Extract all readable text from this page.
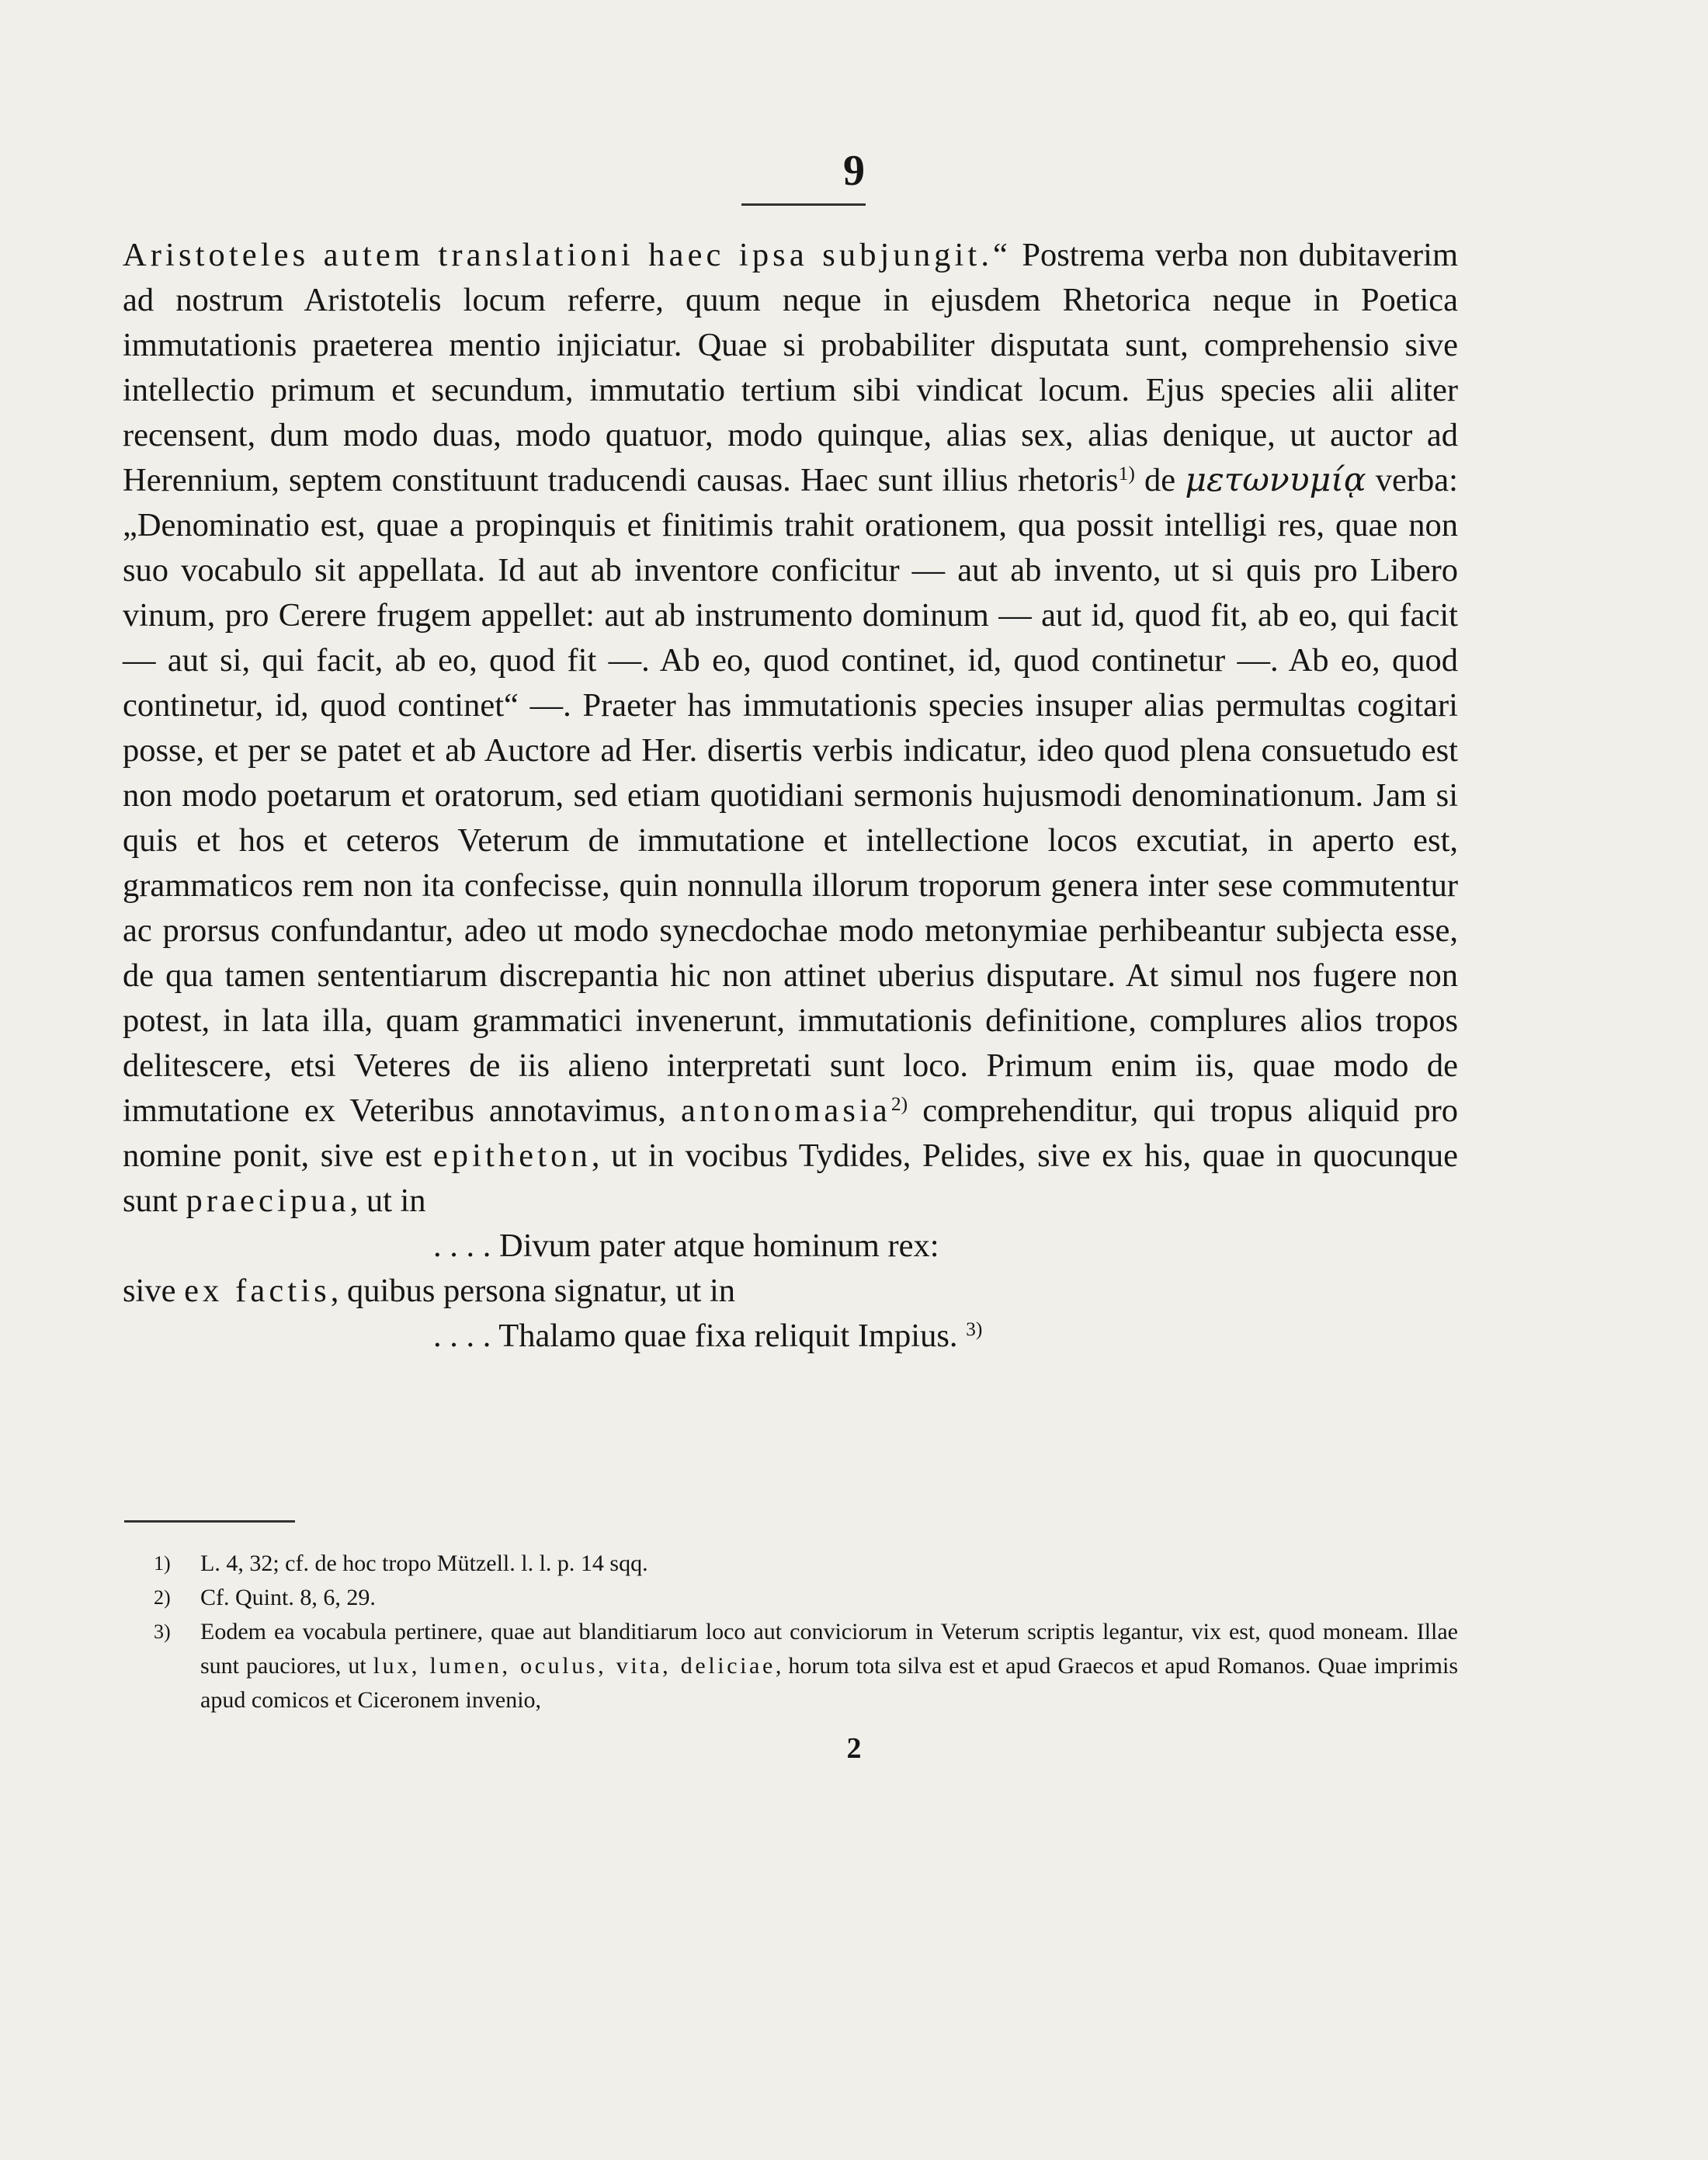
9

Aristoteles autem translationi haec ipsa subjungit.“ Postrema verba non dubitaverim ad nostrum Aristotelis locum referre, quum neque in ejusdem Rhetorica neque in Poetica immutationis praeterea mentio injiciatur. Quae si probabiliter disputata sunt, comprehensio sive intellectio primum et secundum, immutatio tertium sibi vindicat locum. Ejus species alii aliter recensent, dum modo duas, modo quatuor, modo quinque, alias sex, alias denique, ut auctor ad Herennium, septem constituunt traducendi causas. Haec sunt illius rhetoris$^{1)}$ de μετωνυμίᾳ verba: „Denominatio est, quae a propinquis et finitimis trahit orationem, qua possit intelligi res, quae non suo vocabulo sit appellata. Id aut ab inventore conficitur — aut ab invento, ut si quis pro Libero vinum, pro Cerere frugem appellet: aut ab instrumento dominum — aut id, quod fit, ab eo, qui facit — aut si, qui facit, ab eo, quod fit —. Ab eo, quod continet, id, quod continetur —. Ab eo, quod continetur, id, quod continet“ —. Praeter has immutationis species insuper alias permultas cogitari posse, et per se patet et ab Auctore ad Her. disertis verbis indicatur, ideo quod plena consuetudo est non modo poetarum et oratorum, sed etiam quotidiani sermonis hujusmodi denominationum. Jam si quis et hos et ceteros Veterum de immutatione et intellectione locos excutiat, in aperto est, grammaticos rem non ita confecisse, quin nonnulla illorum troporum genera inter sese commutentur ac prorsus confundantur, adeo ut modo synecdochae modo metonymiae perhibeantur subjecta esse, de qua tamen sententiarum discrepantia hic non attinet uberius disputare. At simul nos fugere non potest, in lata illa, quam grammatici invenerunt, immutationis definitione, complures alios tropos delitescere, etsi Veteres de iis alieno interpretati sunt loco. Primum enim iis, quae modo de immutatione ex Veteribus annotavimus, antonomasia$^{2)}$ comprehenditur, qui tropus aliquid pro nomine ponit, sive est epitheton, ut in vocibus Tydides, Pelides, sive ex his, quae in quocunque sunt praecipua, ut in
. . . . Divum pater atque hominum rex:
sive ex factis, quibus persona signatur, ut in
. . . . Thalamo quae fixa reliquit Impius. $^{3)}$

1) L. 4, 32; cf. de hoc tropo Mützell. l. l. p. 14 sqq.
2) Cf. Quint. 8, 6, 29.
3) Eodem ea vocabula pertinere, quae aut blanditiarum loco aut conviciorum in Veterum scriptis legantur, vix est, quod moneam. Illae sunt pauciores, ut lux, lumen, oculus, vita, deliciae, horum tota silva est et apud Graecos et apud Romanos. Quae imprimis apud comicos et Ciceronem invenio,
2
